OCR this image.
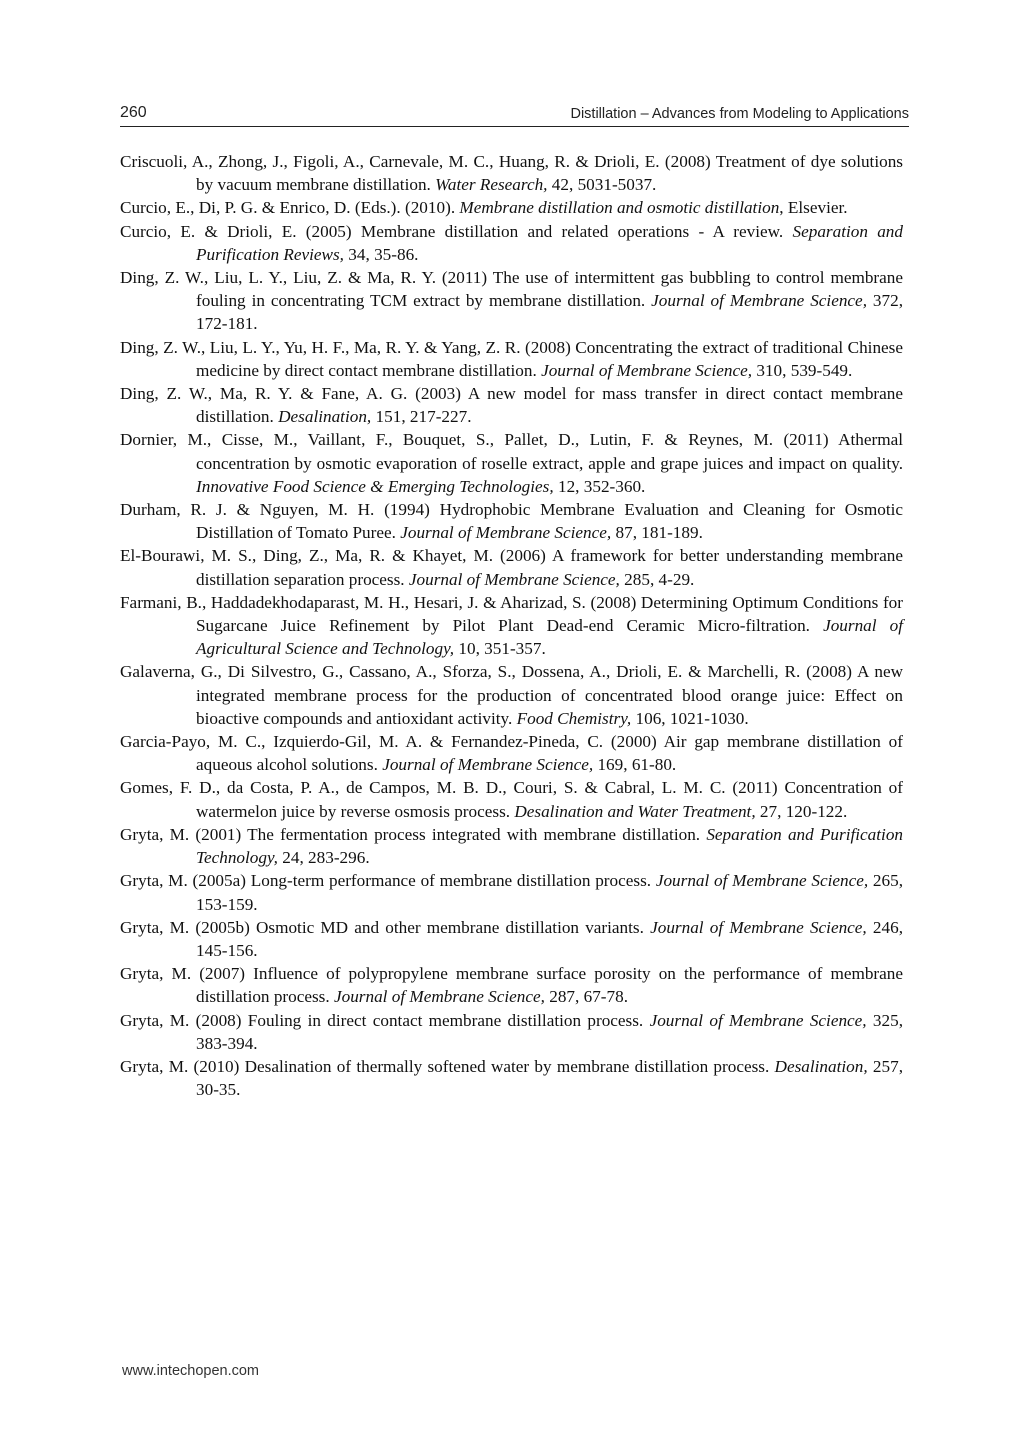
260	Distillation – Advances from Modeling to Applications
Criscuoli, A., Zhong, J., Figoli, A., Carnevale, M. C., Huang, R. & Drioli, E. (2008) Treatment of dye solutions by vacuum membrane distillation. Water Research, 42, 5031-5037.
Curcio, E., Di, P. G. & Enrico, D. (Eds.). (2010). Membrane distillation and osmotic distillation, Elsevier.
Curcio, E. & Drioli, E. (2005) Membrane distillation and related operations - A review. Separation and Purification Reviews, 34, 35-86.
Ding, Z. W., Liu, L. Y., Liu, Z. & Ma, R. Y. (2011) The use of intermittent gas bubbling to control membrane fouling in concentrating TCM extract by membrane distillation. Journal of Membrane Science, 372, 172-181.
Ding, Z. W., Liu, L. Y., Yu, H. F., Ma, R. Y. & Yang, Z. R. (2008) Concentrating the extract of traditional Chinese medicine by direct contact membrane distillation. Journal of Membrane Science, 310, 539-549.
Ding, Z. W., Ma, R. Y. & Fane, A. G. (2003) A new model for mass transfer in direct contact membrane distillation. Desalination, 151, 217-227.
Dornier, M., Cisse, M., Vaillant, F., Bouquet, S., Pallet, D., Lutin, F. & Reynes, M. (2011) Athermal concentration by osmotic evaporation of roselle extract, apple and grape juices and impact on quality. Innovative Food Science & Emerging Technologies, 12, 352-360.
Durham, R. J. & Nguyen, M. H. (1994) Hydrophobic Membrane Evaluation and Cleaning for Osmotic Distillation of Tomato Puree. Journal of Membrane Science, 87, 181-189.
El-Bourawi, M. S., Ding, Z., Ma, R. & Khayet, M. (2006) A framework for better understanding membrane distillation separation process. Journal of Membrane Science, 285, 4-29.
Farmani, B., Haddadekhodaparast, M. H., Hesari, J. & Aharizad, S. (2008) Determining Optimum Conditions for Sugarcane Juice Refinement by Pilot Plant Dead-end Ceramic Micro-filtration. Journal of Agricultural Science and Technology, 10, 351-357.
Galaverna, G., Di Silvestro, G., Cassano, A., Sforza, S., Dossena, A., Drioli, E. & Marchelli, R. (2008) A new integrated membrane process for the production of concentrated blood orange juice: Effect on bioactive compounds and antioxidant activity. Food Chemistry, 106, 1021-1030.
Garcia-Payo, M. C., Izquierdo-Gil, M. A. & Fernandez-Pineda, C. (2000) Air gap membrane distillation of aqueous alcohol solutions. Journal of Membrane Science, 169, 61-80.
Gomes, F. D., da Costa, P. A., de Campos, M. B. D., Couri, S. & Cabral, L. M. C. (2011) Concentration of watermelon juice by reverse osmosis process. Desalination and Water Treatment, 27, 120-122.
Gryta, M. (2001) The fermentation process integrated with membrane distillation. Separation and Purification Technology, 24, 283-296.
Gryta, M. (2005a) Long-term performance of membrane distillation process. Journal of Membrane Science, 265, 153-159.
Gryta, M. (2005b) Osmotic MD and other membrane distillation variants. Journal of Membrane Science, 246, 145-156.
Gryta, M. (2007) Influence of polypropylene membrane surface porosity on the performance of membrane distillation process. Journal of Membrane Science, 287, 67-78.
Gryta, M. (2008) Fouling in direct contact membrane distillation process. Journal of Membrane Science, 325, 383-394.
Gryta, M. (2010) Desalination of thermally softened water by membrane distillation process. Desalination, 257, 30-35.
www.intechopen.com
